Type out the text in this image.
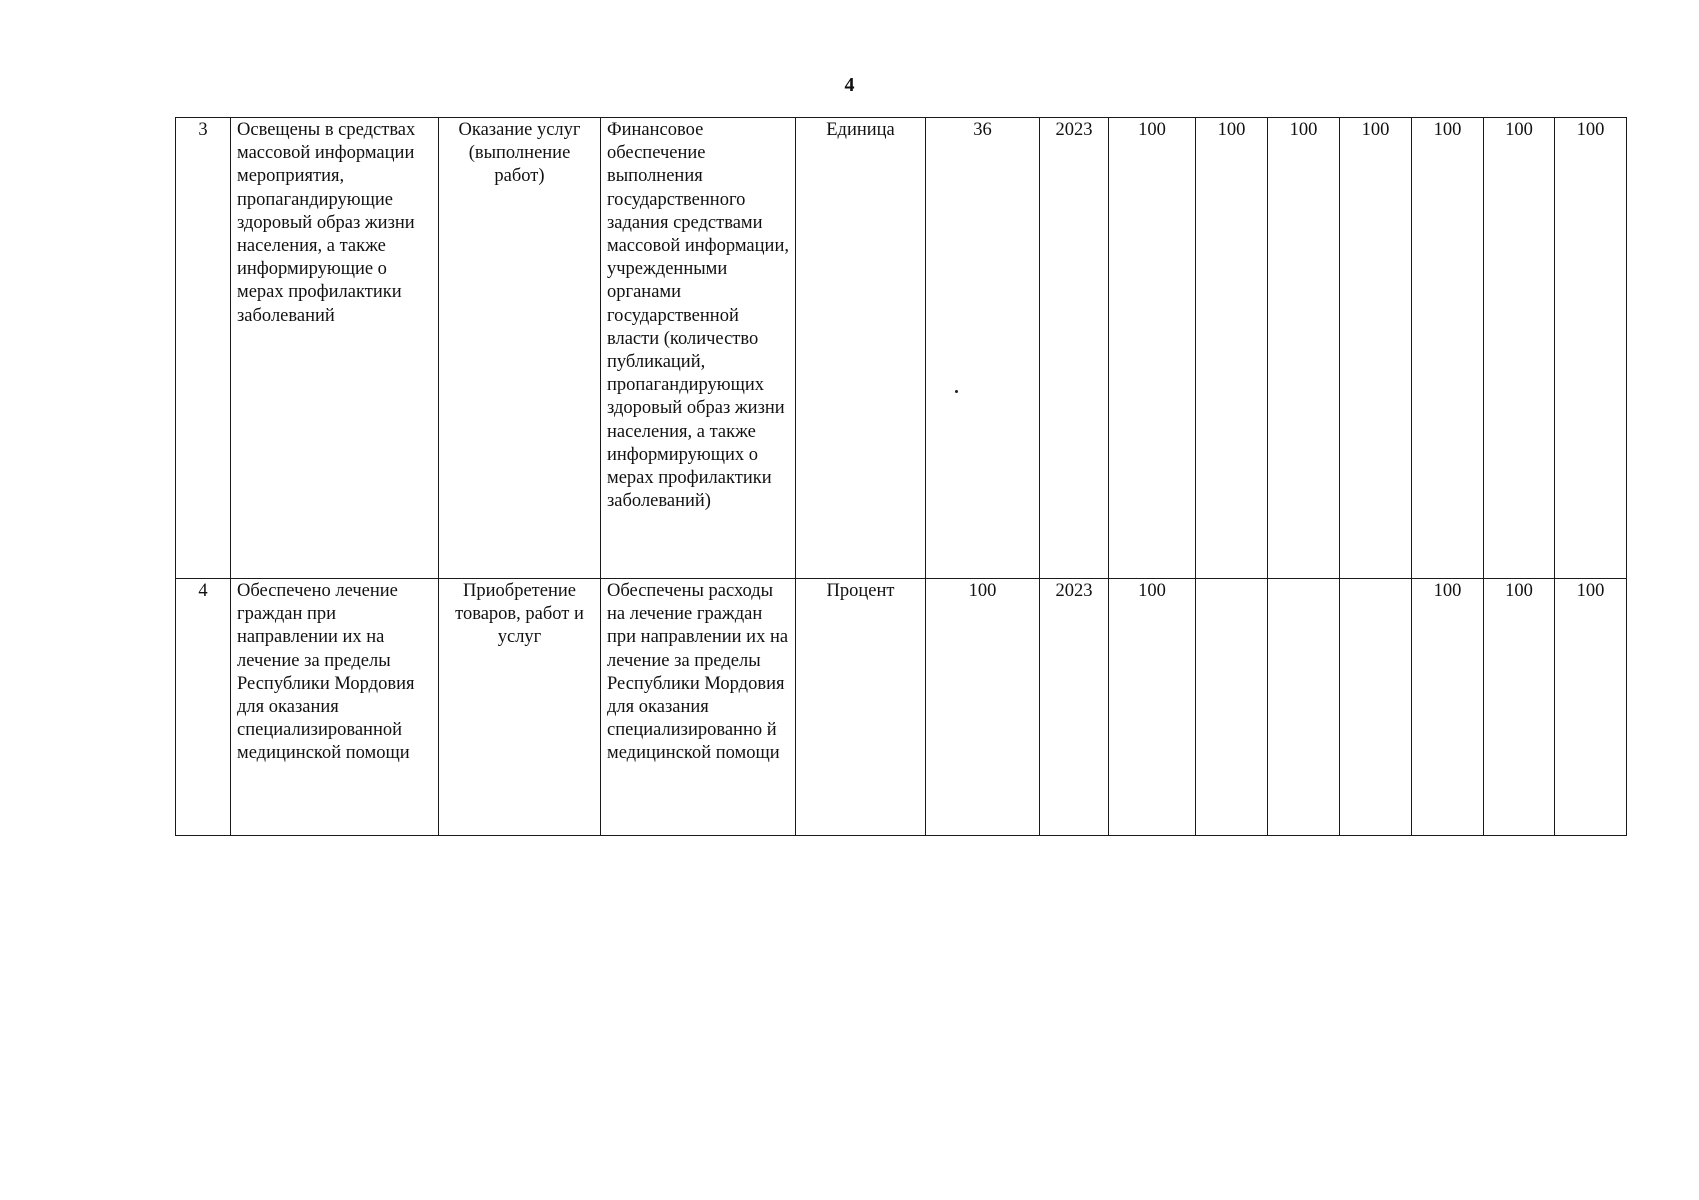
4
3	Освещены в средствах массовой информации мероприятия, пропагандирующие здоровый образ жизни населения, а также информирующие о мерах профилактики заболеваний	Оказание услуг (выполнение работ)	Финансовое обеспечение выполнения государственного задания средствами массовой информации, учрежденными органами государственной власти (количество публикаций, пропагандирующих здоровый образ жизни населения, а также информирующих о мерах профилактики заболеваний)	Единица	36	2023	100	100	100	100	100	100	100
4	Обеспечено лечение граждан при направлении их на лечение за пределы Республики Мордовия для оказания специализированной медицинской помощи	Приобретение товаров, работ и услуг	Обеспечены расходы на лечение граждан при направлении их на лечение за пределы Республики Мордовия для оказания специализированно й медицинской помощи	Процент	100	2023	100				100	100	100
